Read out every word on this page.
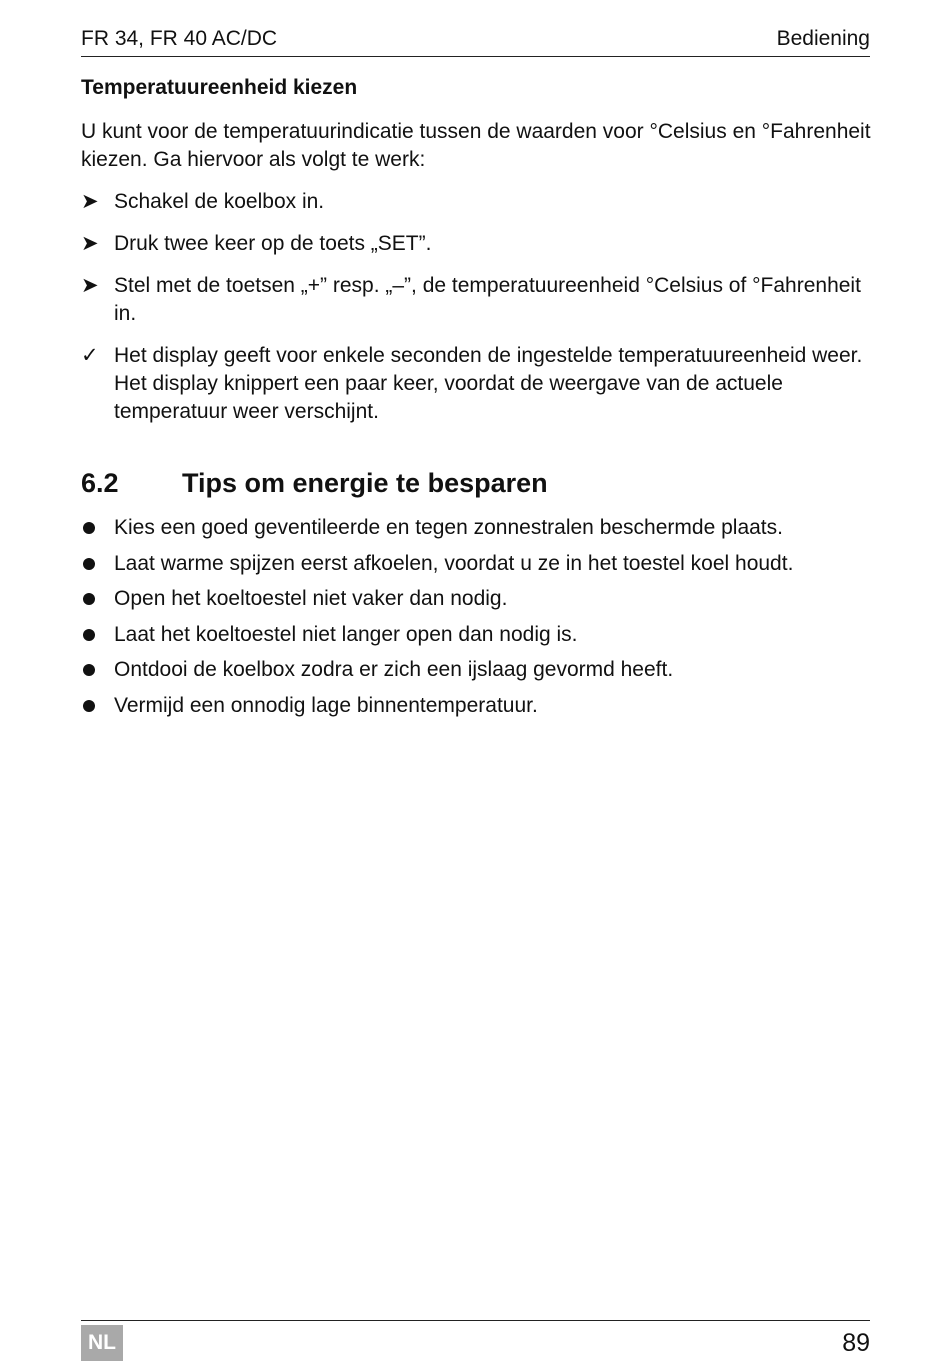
FR 34, FR 40 AC/DC	Bediening
Temperatuureenheid kiezen

U kunt voor de temperatuurindicatie tussen de waarden voor °Celsius en °Fahrenheit kiezen. Ga hiervoor als volgt te werk:

➤ Schakel de koelbox in.
➤ Druk twee keer op de toets „SET”.
➤ Stel met de toetsen „+” resp. „–”, de temperatuureenheid °Celsius of °Fahrenheit in.
✓ Het display geeft voor enkele seconden de ingestelde temperatuureenheid weer. Het display knippert een paar keer, voordat de weergave van de actuele temperatuur weer verschijnt.
6.2 Tips om energie te besparen
Kies een goed geventileerde en tegen zonnestralen beschermde plaats.
Laat warme spijzen eerst afkoelen, voordat u ze in het toestel koel houdt.
Open het koeltoestel niet vaker dan nodig.
Laat het koeltoestel niet langer open dan nodig is.
Ontdooi de koelbox zodra er zich een ijslaag gevormd heeft.
Vermijd een onnodig lage binnentemperatuur.
NL	89
